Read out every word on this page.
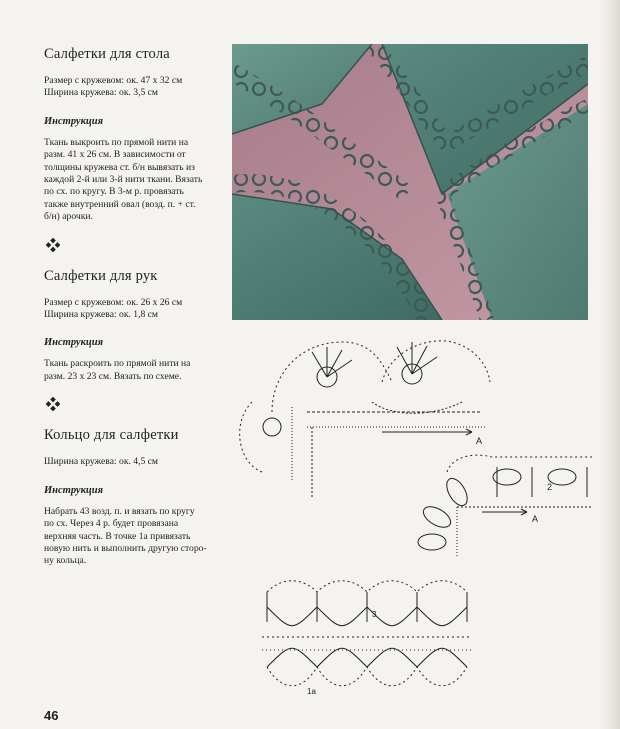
Салфетки для стола

Размер с кружевом: ок. 47 х 32 см

Ширина кружева: ок. 3,5 см

Инструкция

Ткань выкроить по прямой нити на

разм. 41 х 26 см. В зависимости от

толщины кружева ст. б/н вывязать из

каждой 2-й или 3-й нити ткани. Вязать

по сх. по кругу. В 3-м р. провязать

также внутренний овал (возд. п. + ст.

б/н) арочки.

Салфетки для рук

Размер с кружевом: ок. 26 х 26 см

Ширина кружева: ок. 1,8 см

Инструкция

Ткань раскроить по прямой нити на

разм. 23 х 23 см. Вязать по схеме.

Кольцо для салфетки

Ширина кружева: ок. 4,5 см

Инструкция

Набрать 43 возд. п. и вязать по кругу

по сх. Через 4 р. будет провязана

верхняя часть. В точке 1а привязать

новую нить и выполнить другую сторо-

ну кольца.

A
A
2
3
1а
46
